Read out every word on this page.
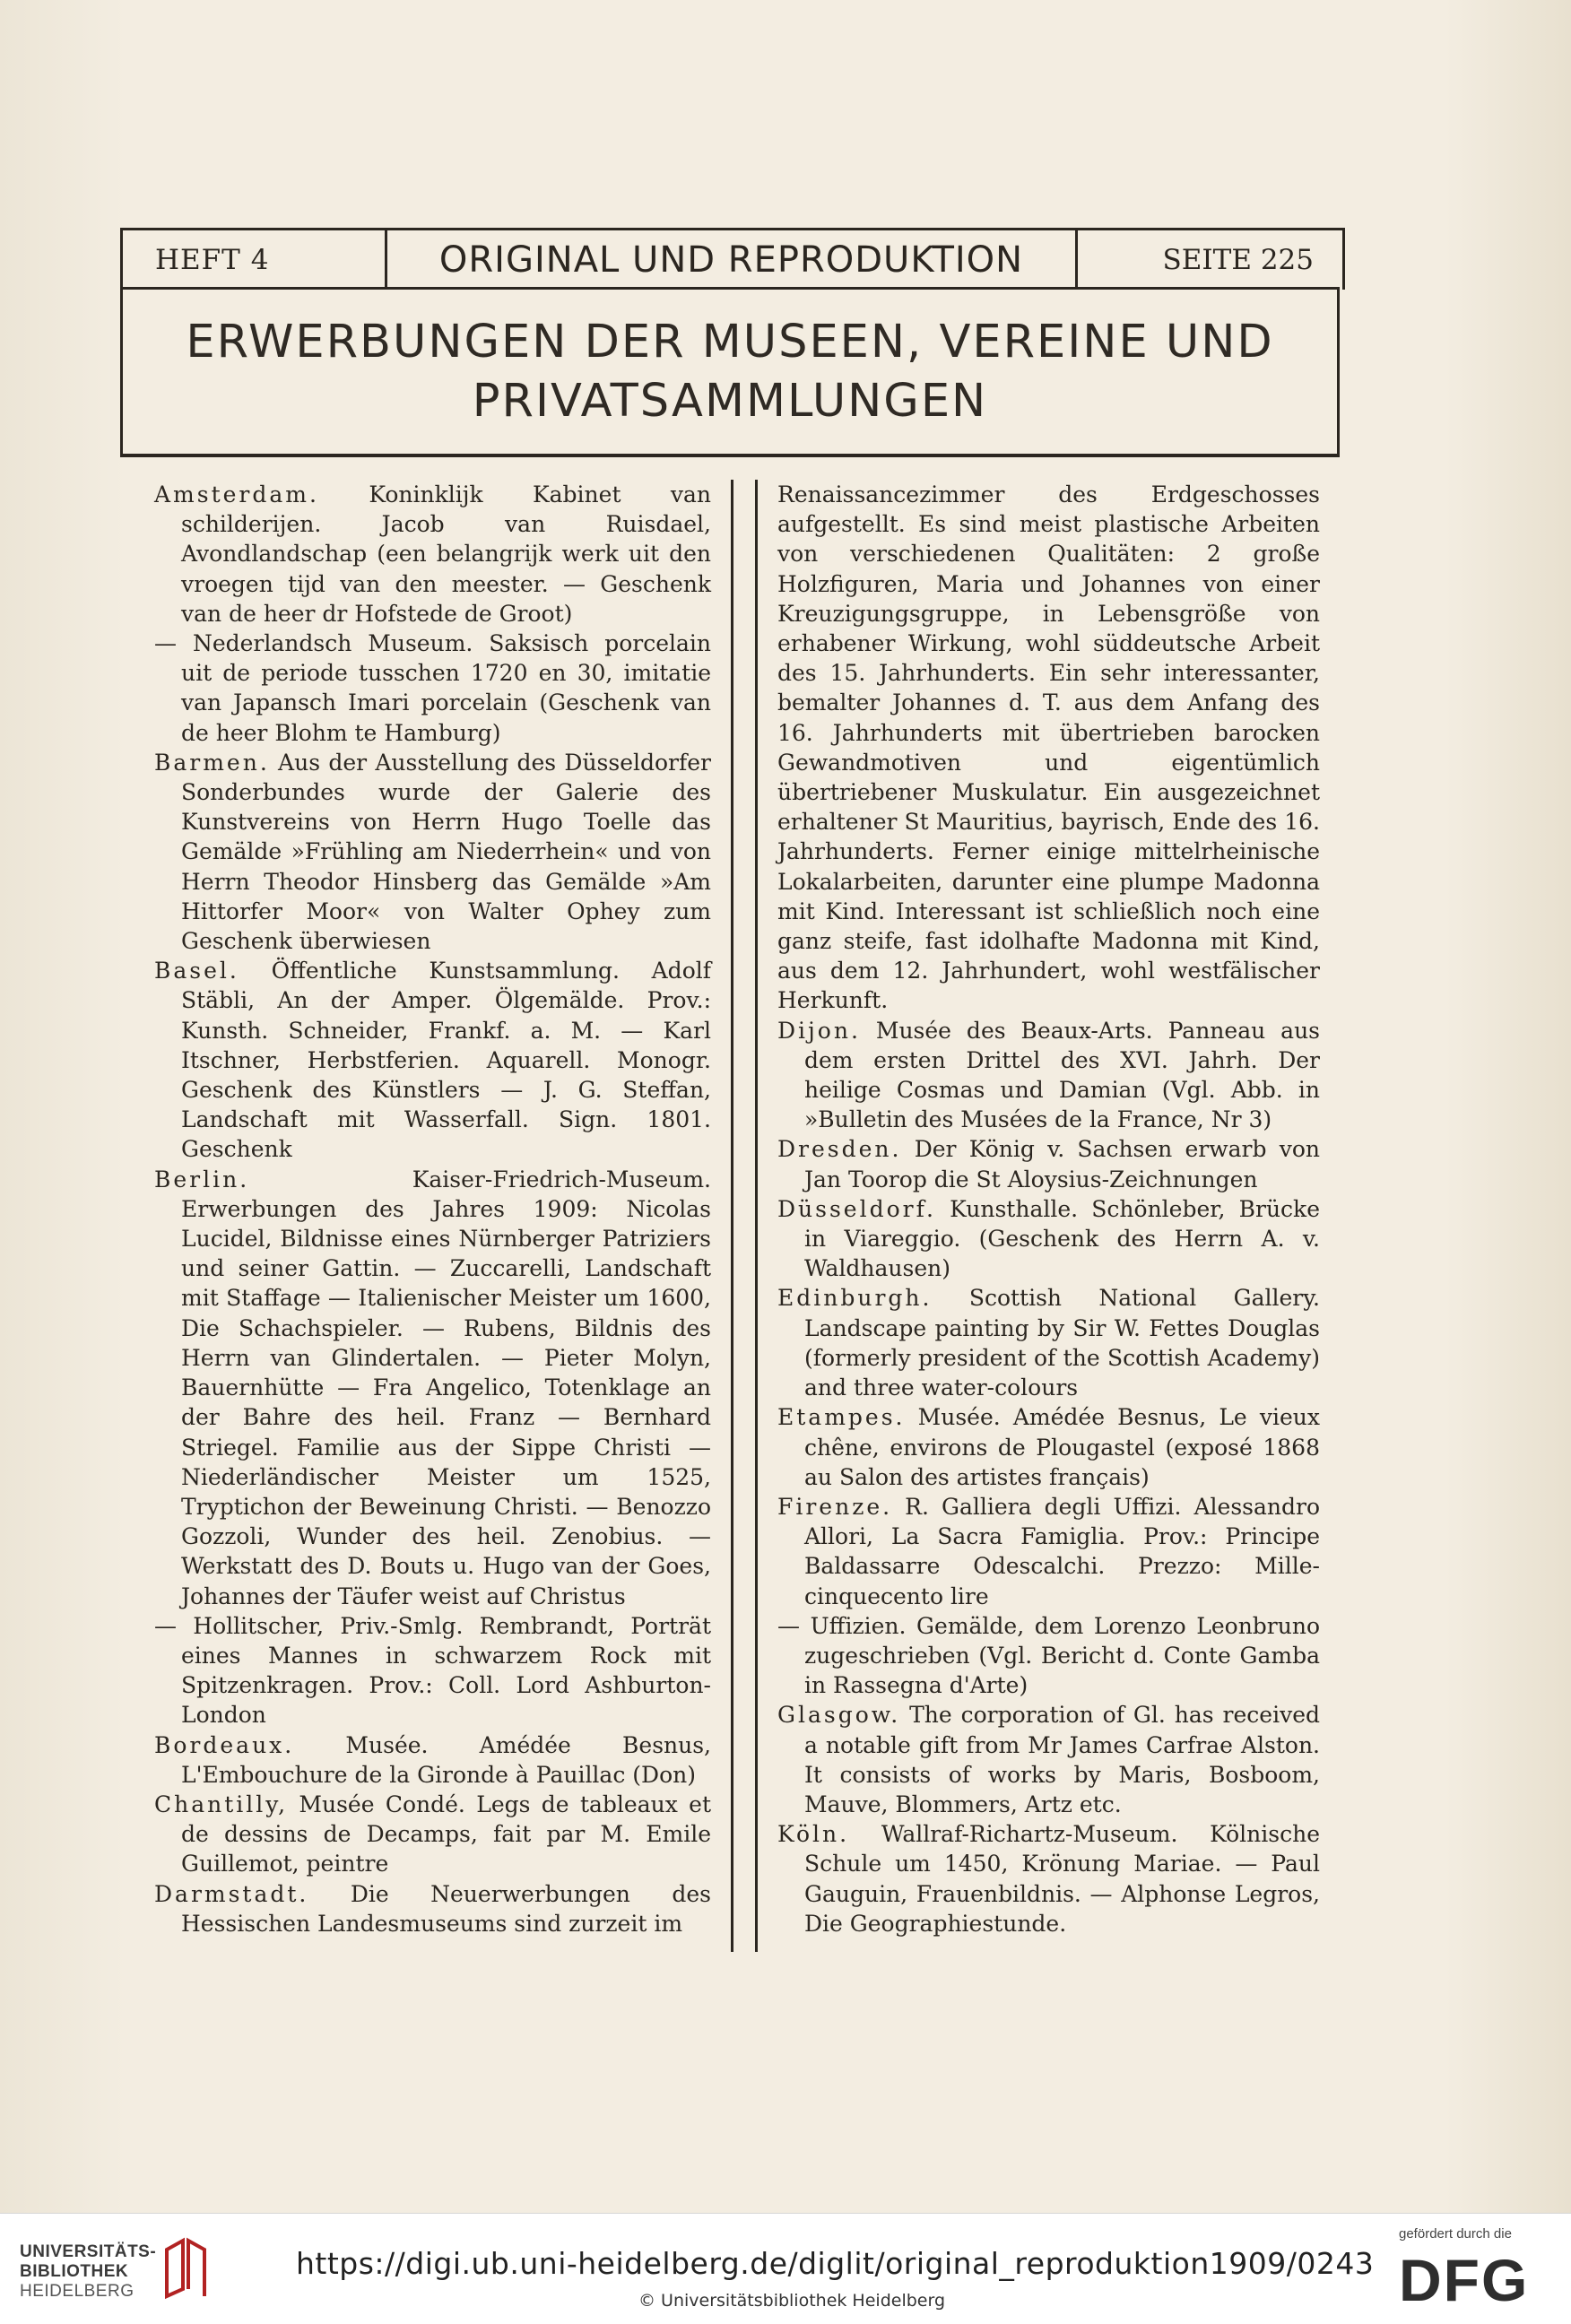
HEFT 4	ORIGINAL UND REPRODUKTION	SEITE 225
ERWERBUNGEN DER MUSEEN, VEREINE UND
PRIVATSAMMLUNGEN

Amsterdam. Koninklijk Kabinet van schilderijen. Jacob van Ruisdael, Avondlandschap (een belangrijk werk uit den vroegen tijd van den meester. — Geschenk van de heer dr Hofstede de Groot)

— Nederlandsch Museum. Saksisch porcelain uit de periode tusschen 1720 en 30, imitatie van Japansch Imari porcelain (Geschenk van de heer Blohm te Hamburg)

Barmen. Aus der Ausstellung des Düsseldorfer Sonderbundes wurde der Galerie des Kunstvereins von Herrn Hugo Toelle das Gemälde »Frühling am Niederrhein« und von Herrn Theodor Hinsberg das Gemälde »Am Hittorfer Moor« von Walter Ophey zum Geschenk überwiesen

Basel. Öffentliche Kunstsammlung. Adolf Stäbli, An der Amper. Ölgemälde. Prov.: Kunsth. Schneider, Frankf. a. M. — Karl Itschner, Herbstferien. Aquarell. Monogr. Geschenk des Künstlers — J. G. Steffan, Landschaft mit Wasserfall. Sign. 1801. Geschenk

Berlin. Kaiser-Friedrich-Museum. Erwerbungen des Jahres 1909: Nicolas Lucidel, Bildnisse eines Nürnberger Patriziers und seiner Gattin. — Zuccarelli, Landschaft mit Staffage — Italienischer Meister um 1600, Die Schachspieler. — Rubens, Bildnis des Herrn van Glindertalen. — Pieter Molyn, Bauernhütte — Fra Angelico, Totenklage an der Bahre des heil. Franz — Bernhard Striegel. Familie aus der Sippe Christi — Niederländischer Meister um 1525, Tryptichon der Beweinung Christi. — Benozzo Gozzoli, Wunder des heil. Zenobius. — Werkstatt des D. Bouts u. Hugo van der Goes, Johannes der Täufer weist auf Christus

— Hollitscher, Priv.-Smlg. Rembrandt, Porträt eines Mannes in schwarzem Rock mit Spitzenkragen. Prov.: Coll. Lord Ashburton-London

Bordeaux. Musée. Amédée Besnus, L'Embouchure de la Gironde à Pauillac (Don)

Chantilly, Musée Condé. Legs de tableaux et de dessins de Decamps, fait par M. Emile Guillemot, peintre

Darmstadt. Die Neuerwerbungen des Hessischen Landesmuseums sind zurzeit im

Renaissancezimmer des Erdgeschosses aufgestellt. Es sind meist plastische Arbeiten von verschiedenen Qualitäten: 2 große Holzfiguren, Maria und Johannes von einer Kreuzigungsgruppe, in Lebensgröße von erhabener Wirkung, wohl süddeutsche Arbeit des 15. Jahrhunderts. Ein sehr interessanter, bemalter Johannes d. T. aus dem Anfang des 16. Jahrhunderts mit übertrieben barocken Gewandmotiven und eigentümlich übertriebener Muskulatur. Ein ausgezeichnet erhaltener St Mauritius, bayrisch, Ende des 16. Jahrhunderts. Ferner einige mittelrheinische Lokalarbeiten, darunter eine plumpe Madonna mit Kind. Interessant ist schließlich noch eine ganz steife, fast idolhafte Madonna mit Kind, aus dem 12. Jahrhundert, wohl westfälischer Herkunft.

Dijon. Musée des Beaux-Arts. Panneau aus dem ersten Drittel des XVI. Jahrh. Der heilige Cosmas und Damian (Vgl. Abb. in »Bulletin des Musées de la France, Nr 3)

Dresden. Der König v. Sachsen erwarb von Jan Toorop die St Aloysius-Zeichnungen

Düsseldorf. Kunsthalle. Schönleber, Brücke in Viareggio. (Geschenk des Herrn A. v. Waldhausen)

Edinburgh. Scottish National Gallery. Landscape painting by Sir W. Fettes Douglas (formerly president of the Scottish Academy) and three water-colours

Etampes. Musée. Amédée Besnus, Le vieux chêne, environs de Plougastel (exposé 1868 au Salon des artistes français)

Firenze. R. Galliera degli Uffizi. Alessandro Allori, La Sacra Famiglia. Prov.: Principe Baldassarre Odescalchi. Prezzo: Mille-cinquecento lire

— Uffizien. Gemälde, dem Lorenzo Leonbruno zugeschrieben (Vgl. Bericht d. Conte Gamba in Rassegna d'Arte)

Glasgow. The corporation of Gl. has received a notable gift from Mr James Carfrae Alston. It consists of works by Maris, Bosboom, Mauve, Blommers, Artz etc.

Köln. Wallraf-Richartz-Museum. Kölnische Schule um 1450, Krönung Mariae. — Paul Gauguin, Frauenbildnis. — Alphonse Legros, Die Geographiestunde.

UNIVERSITÄTS-
BIBLIOTHEK
HEIDELBERG
https://digi.ub.uni-heidelberg.de/diglit/original_reproduktion1909/0243
© Universitätsbibliothek Heidelberg
gefördert durch die
DFG
